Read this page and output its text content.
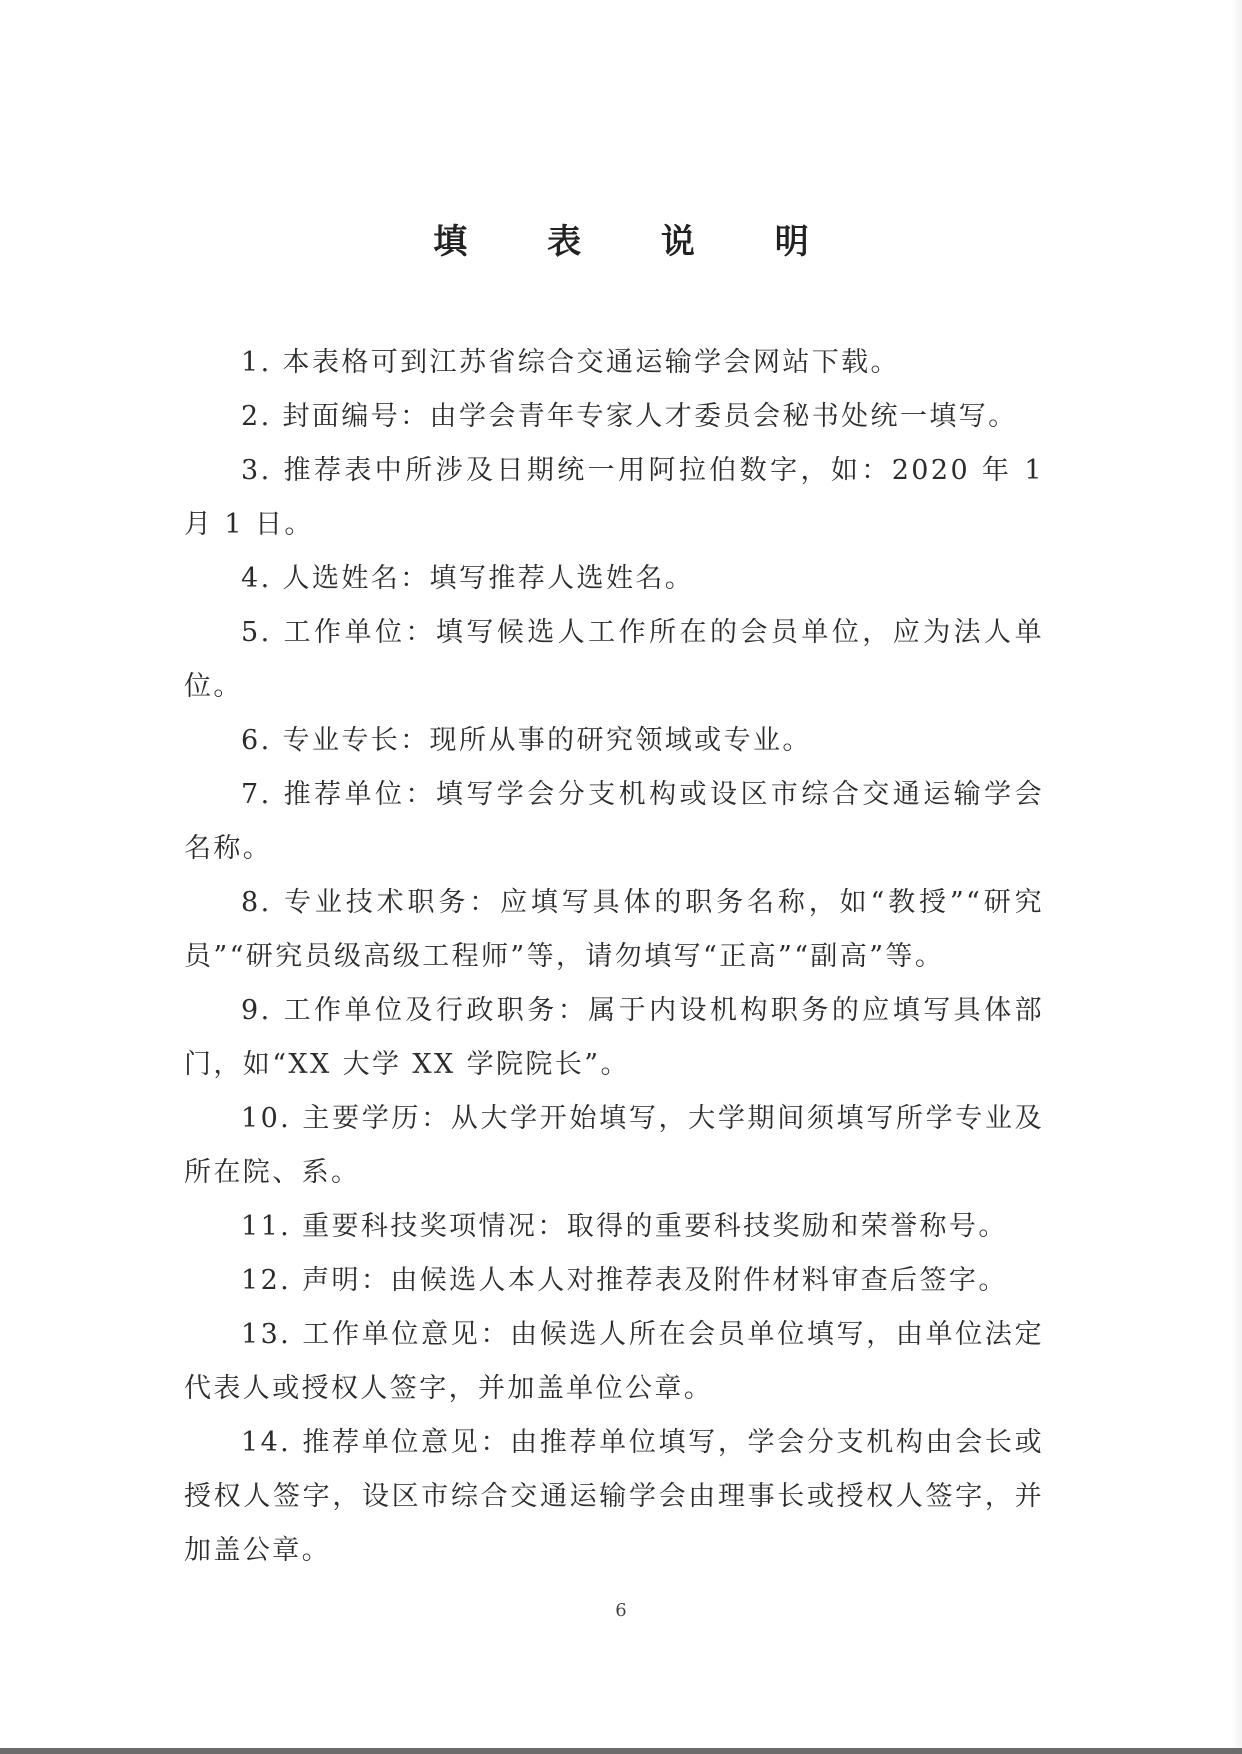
填 表 说 明

1. 本表格可到江苏省综合交通运输学会网站下载。

2. 封面编号：由学会青年专家人才委员会秘书处统一填写。

3. 推荐表中所涉及日期统一用阿拉伯数字，如：2020 年 1 月 1 日。

4. 人选姓名：填写推荐人选姓名。

5. 工作单位：填写候选人工作所在的会员单位，应为法人单位。

6. 专业专长：现所从事的研究领域或专业。

7. 推荐单位：填写学会分支机构或设区市综合交通运输学会名称。

8. 专业技术职务：应填写具体的职务名称，如“教授”“研究员”“研究员级高级工程师”等，请勿填写“正高”“副高”等。

9. 工作单位及行政职务：属于内设机构职务的应填写具体部门，如“XX 大学 XX 学院院长”。

10. 主要学历：从大学开始填写，大学期间须填写所学专业及所在院、系。

11. 重要科技奖项情况：取得的重要科技奖励和荣誉称号。

12. 声明：由候选人本人对推荐表及附件材料审查后签字。

13. 工作单位意见：由候选人所在会员单位填写，由单位法定代表人或授权人签字，并加盖单位公章。

14. 推荐单位意见：由推荐单位填写，学会分支机构由会长或授权人签字，设区市综合交通运输学会由理事长或授权人签字，并加盖公章。

6
